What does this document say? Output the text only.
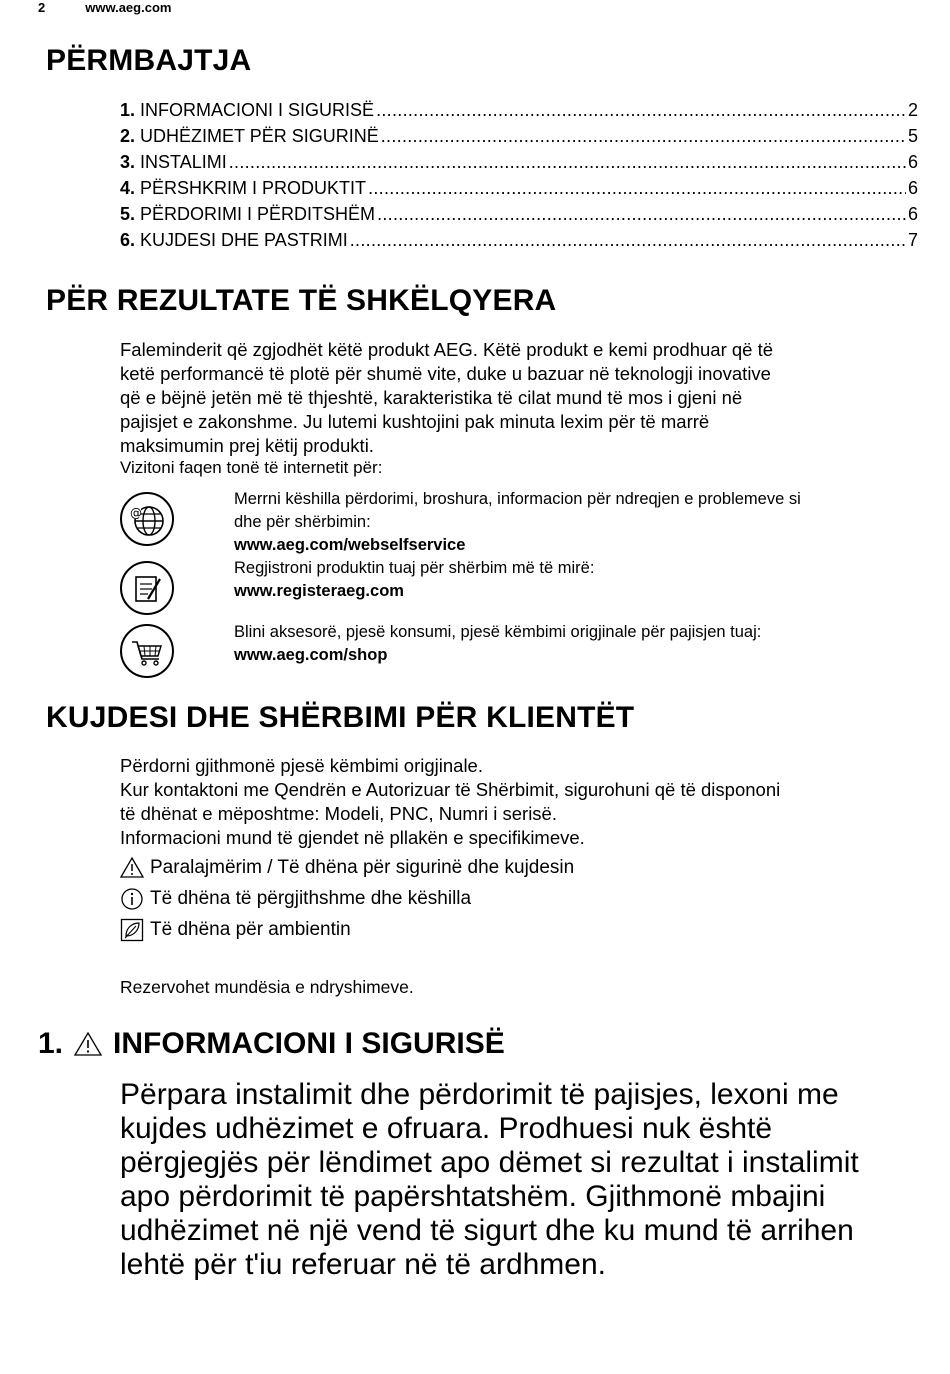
2	www.aeg.com
PËRMBAJTJA
1.
INFORMACIONI I SIGURISË .....	2
2.
UDHËZIMET PËR SIGURINË .....	5
3.
INSTALIMI .....	6
4.
PËRSHKRIM I PRODUKTIT .....	6
5.
PËRDORIMI I PËRDITSHËM .....	6
6.
KUJDESI DHE PASTRIMI .....	7
PËR REZULTATE TË SHKËLQYERA

Faleminderit që zgjodhët këtë produkt AEG. Këtë produkt e kemi prodhuar që të
ketë performancë të plotë për shumë vite, duke u bazuar në teknologji inovative
që e bëjnë jetën më të thjeshtë, karakteristika të cilat mund të mos i gjeni në
pajisjet e zakonshme. Ju lutemi kushtojini pak minuta lexim për të marrë
maksimumin prej këtij produkti.

Vizitoni faqen tonë të internetit për:
@
Merrni këshilla përdorimi, broshura, informacion për ndreqjen e problemeve si
dhe për shërbimin:
www.aeg.com/webselfservice
Regjistroni produktin tuaj për shërbim më të mirë:
www.registeraeg.com
Blini aksesorë, pjesë konsumi, pjesë këmbimi origjinale për pajisjen tuaj:
www.aeg.com/shop
KUJDESI DHE SHËRBIMI PËR KLIENTËT

Përdorni gjithmonë pjesë këmbimi origjinale.
Kur kontaktoni me Qendrën e Autorizuar të Shërbimit, sigurohuni që të dispononi
të dhënat e mëposhtme: Modeli, PNC, Numri i serisë.
Informacioni mund të gjendet në pllakën e specifikimeve.

Paralajmërim / Të dhëna për sigurinë dhe kujdesin
Të dhëna të përgjithshme dhe këshilla
Të dhëna për ambientin
Rezervohet mundësia e ndryshimeve.
1. INFORMACIONI I SIGURISË

Përpara instalimit dhe përdorimit të pajisjes, lexoni me
kujdes udhëzimet e ofruara. Prodhuesi nuk është
përgjegjës për lëndimet apo dëmet si rezultat i instalimit
apo përdorimit të papërshtatshëm. Gjithmonë mbajini
udhëzimet në një vend të sigurt dhe ku mund të arrihen
lehtë për t'iu referuar në të ardhmen.
